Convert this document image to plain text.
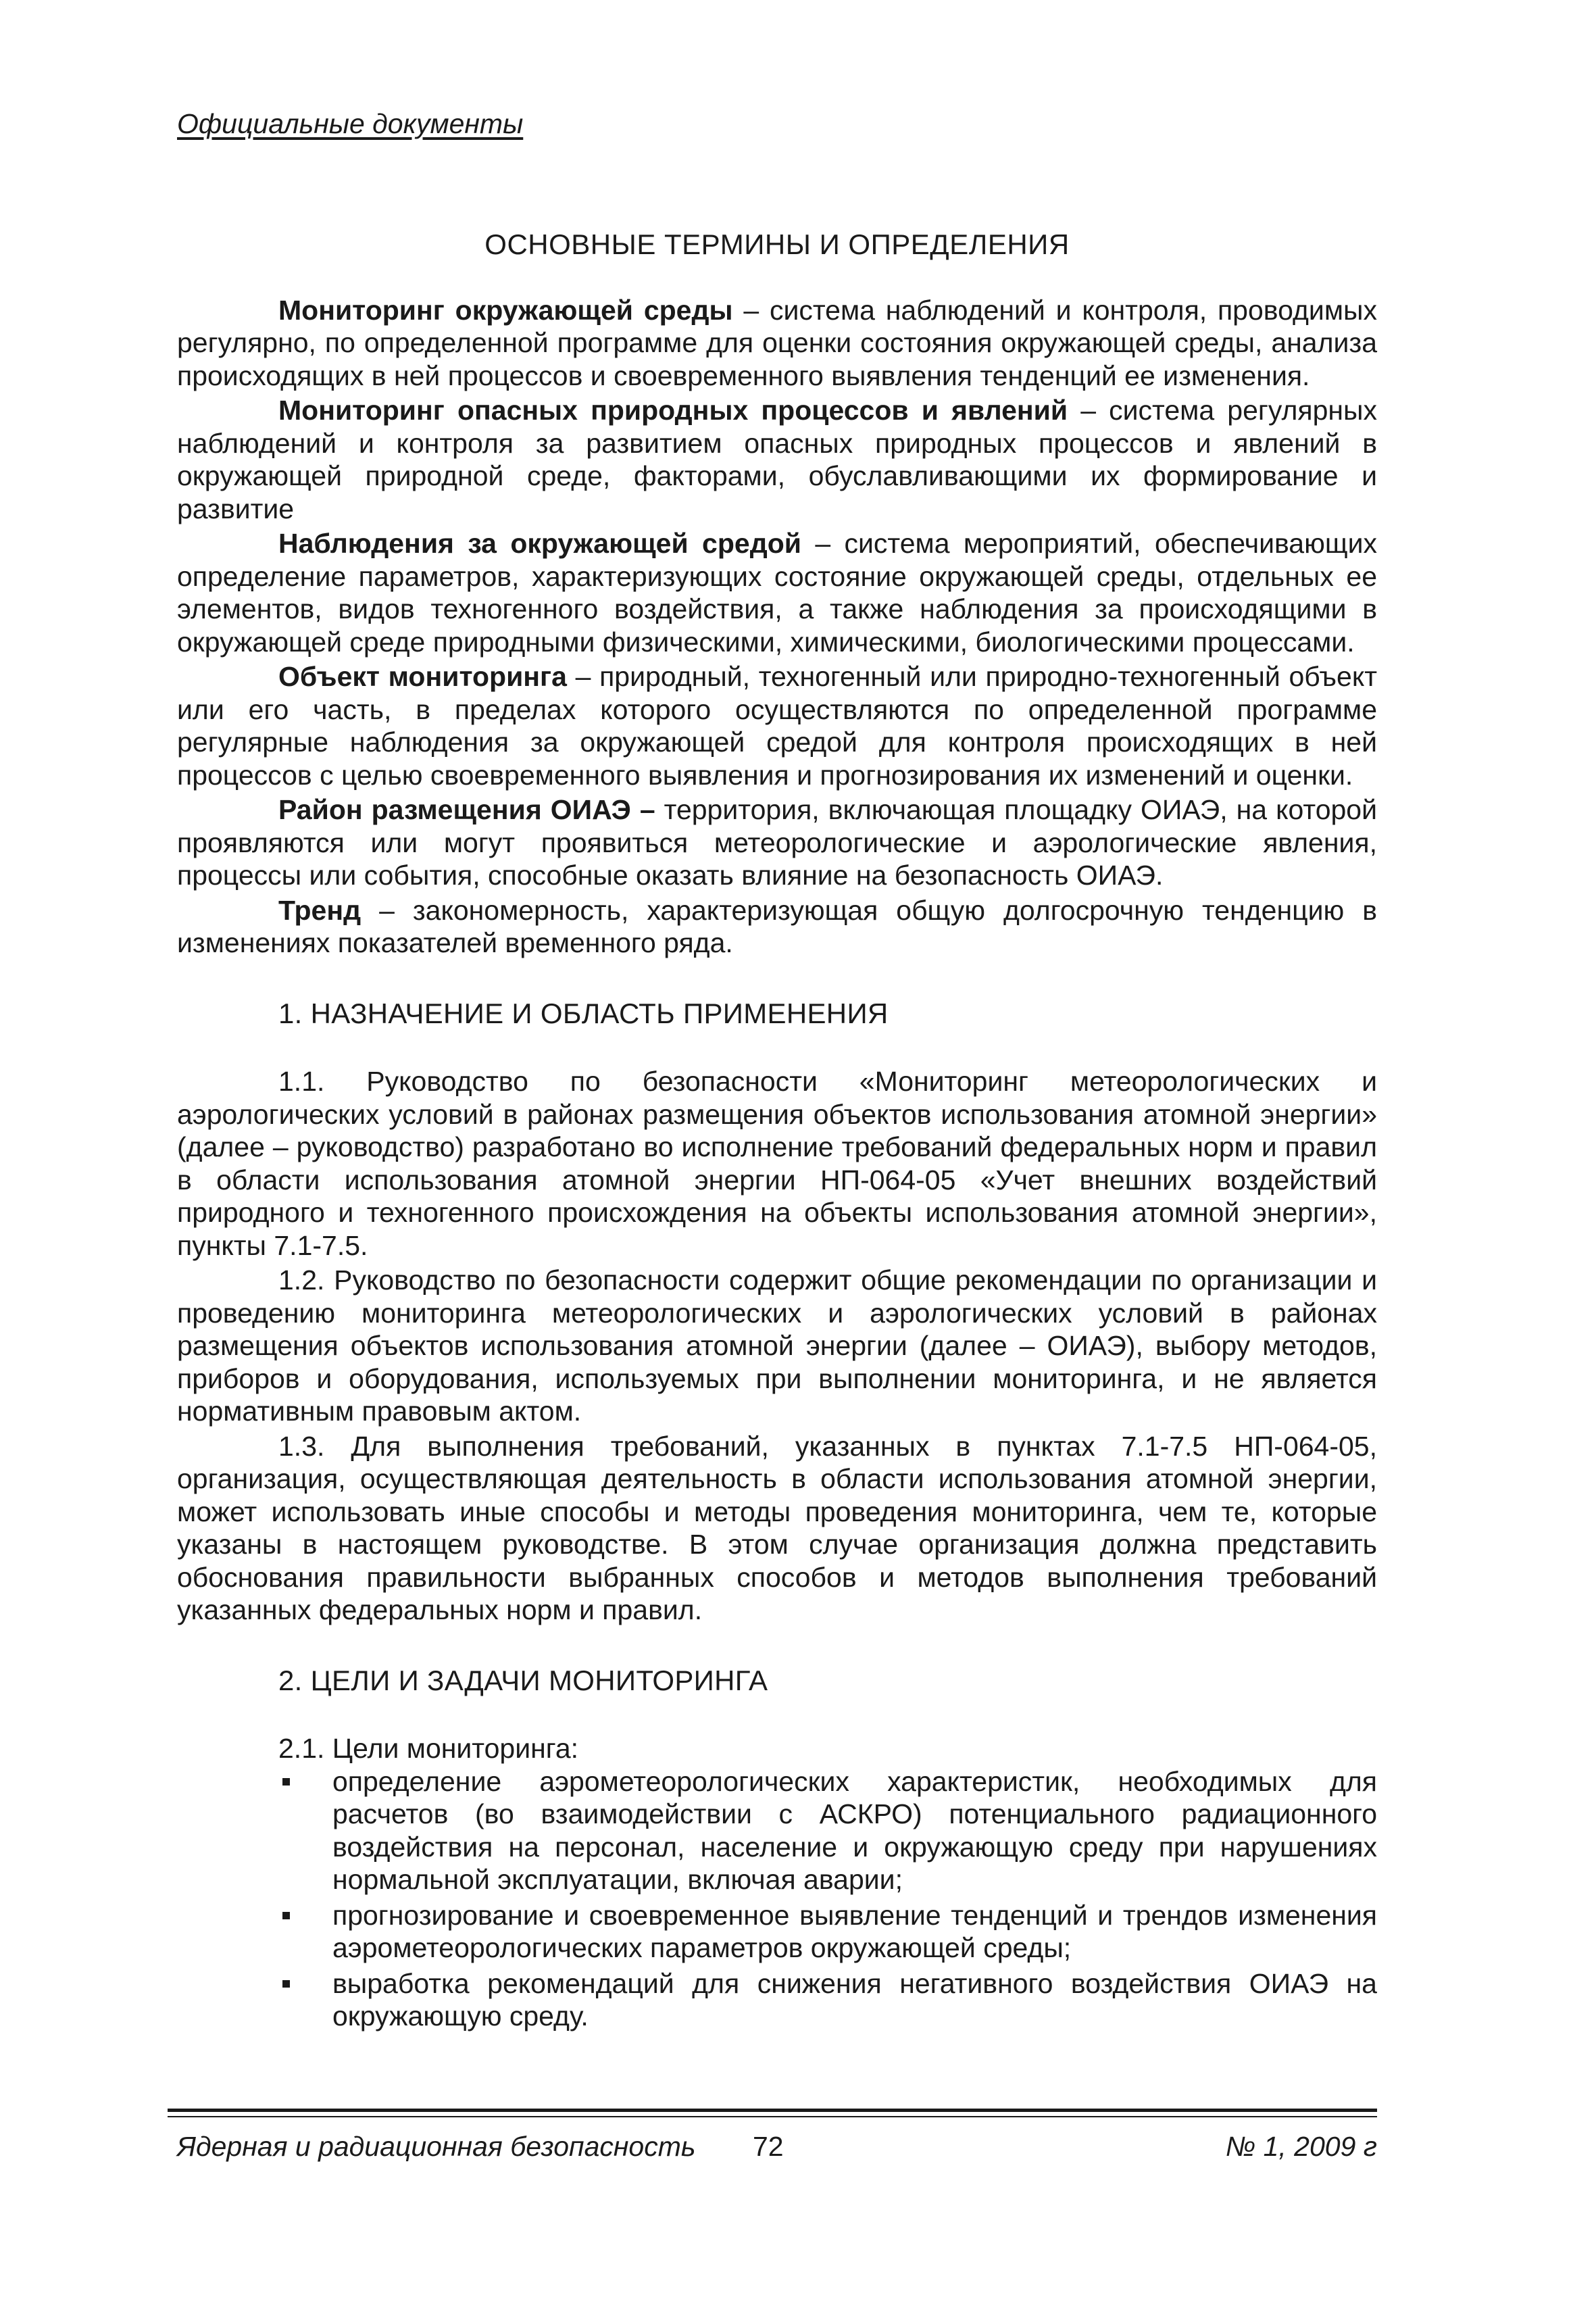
Официальные документы
ОСНОВНЫЕ ТЕРМИНЫ И ОПРЕДЕЛЕНИЯ

Мониторинг окружающей среды – система наблюдений и контроля, проводимых регулярно, по определенной программе для оценки состояния окружающей среды, анализа происходящих в ней процессов и своевременного выявления тенденций ее изменения.

Мониторинг опасных природных процессов и явлений – система регулярных наблюдений и контроля за развитием опасных природных процессов и явлений в окружающей природной среде, факторами, обуславливающими их формирование и развитие

Наблюдения за окружающей средой – система мероприятий, обеспечивающих определение параметров, характеризующих состояние окружающей среды, отдельных ее элементов, видов техногенного воздействия, а также наблюдения за происходящими в окружающей среде природными физическими, химическими, биологическими процессами.

Объект мониторинга – природный, техногенный или природно-техногенный объект или его часть, в пределах которого осуществляются по определенной программе регулярные наблюдения за окружающей средой для контроля происходящих в ней процессов с целью своевременного выявления и прогнозирования их изменений и оценки.

Район размещения ОИАЭ – территория, включающая площадку ОИАЭ, на которой проявляются или могут проявиться метеорологические и аэрологические явления, процессы или события, способные оказать влияние на безопасность ОИАЭ.

Тренд – закономерность, характеризующая общую долгосрочную тенденцию в изменениях показателей временного ряда.

1. НАЗНАЧЕНИЕ И ОБЛАСТЬ ПРИМЕНЕНИЯ

1.1. Руководство по безопасности «Мониторинг метеорологических и аэрологических условий в районах размещения объектов использования атомной энергии» (далее – руководство) разработано во исполнение требований федеральных норм и правил в области использования атомной энергии НП-064-05 «Учет внешних воздействий природного и техногенного происхождения на объекты использования атомной энергии», пункты 7.1-7.5.

1.2. Руководство по безопасности содержит общие рекомендации по организации и проведению мониторинга метеорологических и аэрологических условий в районах размещения объектов использования атомной энергии (далее – ОИАЭ), выбору методов, приборов и оборудования, используемых при выполнении мониторинга, и не является нормативным правовым актом.

1.3. Для выполнения требований, указанных в пунктах 7.1-7.5 НП-064-05, организация, осуществляющая деятельность в области использования атомной энергии, может использовать иные способы и методы проведения мониторинга, чем те, которые указаны в настоящем руководстве. В этом случае организация должна представить обоснования правильности выбранных способов и методов выполнения требований указанных федеральных норм и правил.

2. ЦЕЛИ И ЗАДАЧИ МОНИТОРИНГА

2.1. Цели мониторинга:

определение аэрометеорологических характеристик, необходимых для расчетов (во взаимодействии с АСКРО) потенциального радиационного воздействия на персонал, население и окружающую среду при нарушениях нормальной эксплуатации, включая аварии;
прогнозирование и своевременное выявление тенденций и трендов изменения аэрометеорологических параметров окружающей среды;
выработка рекомендаций для снижения негативного воздействия ОИАЭ на окружающую среду.
Ядерная и радиационная безопасность 72	№ 1, 2009 г
